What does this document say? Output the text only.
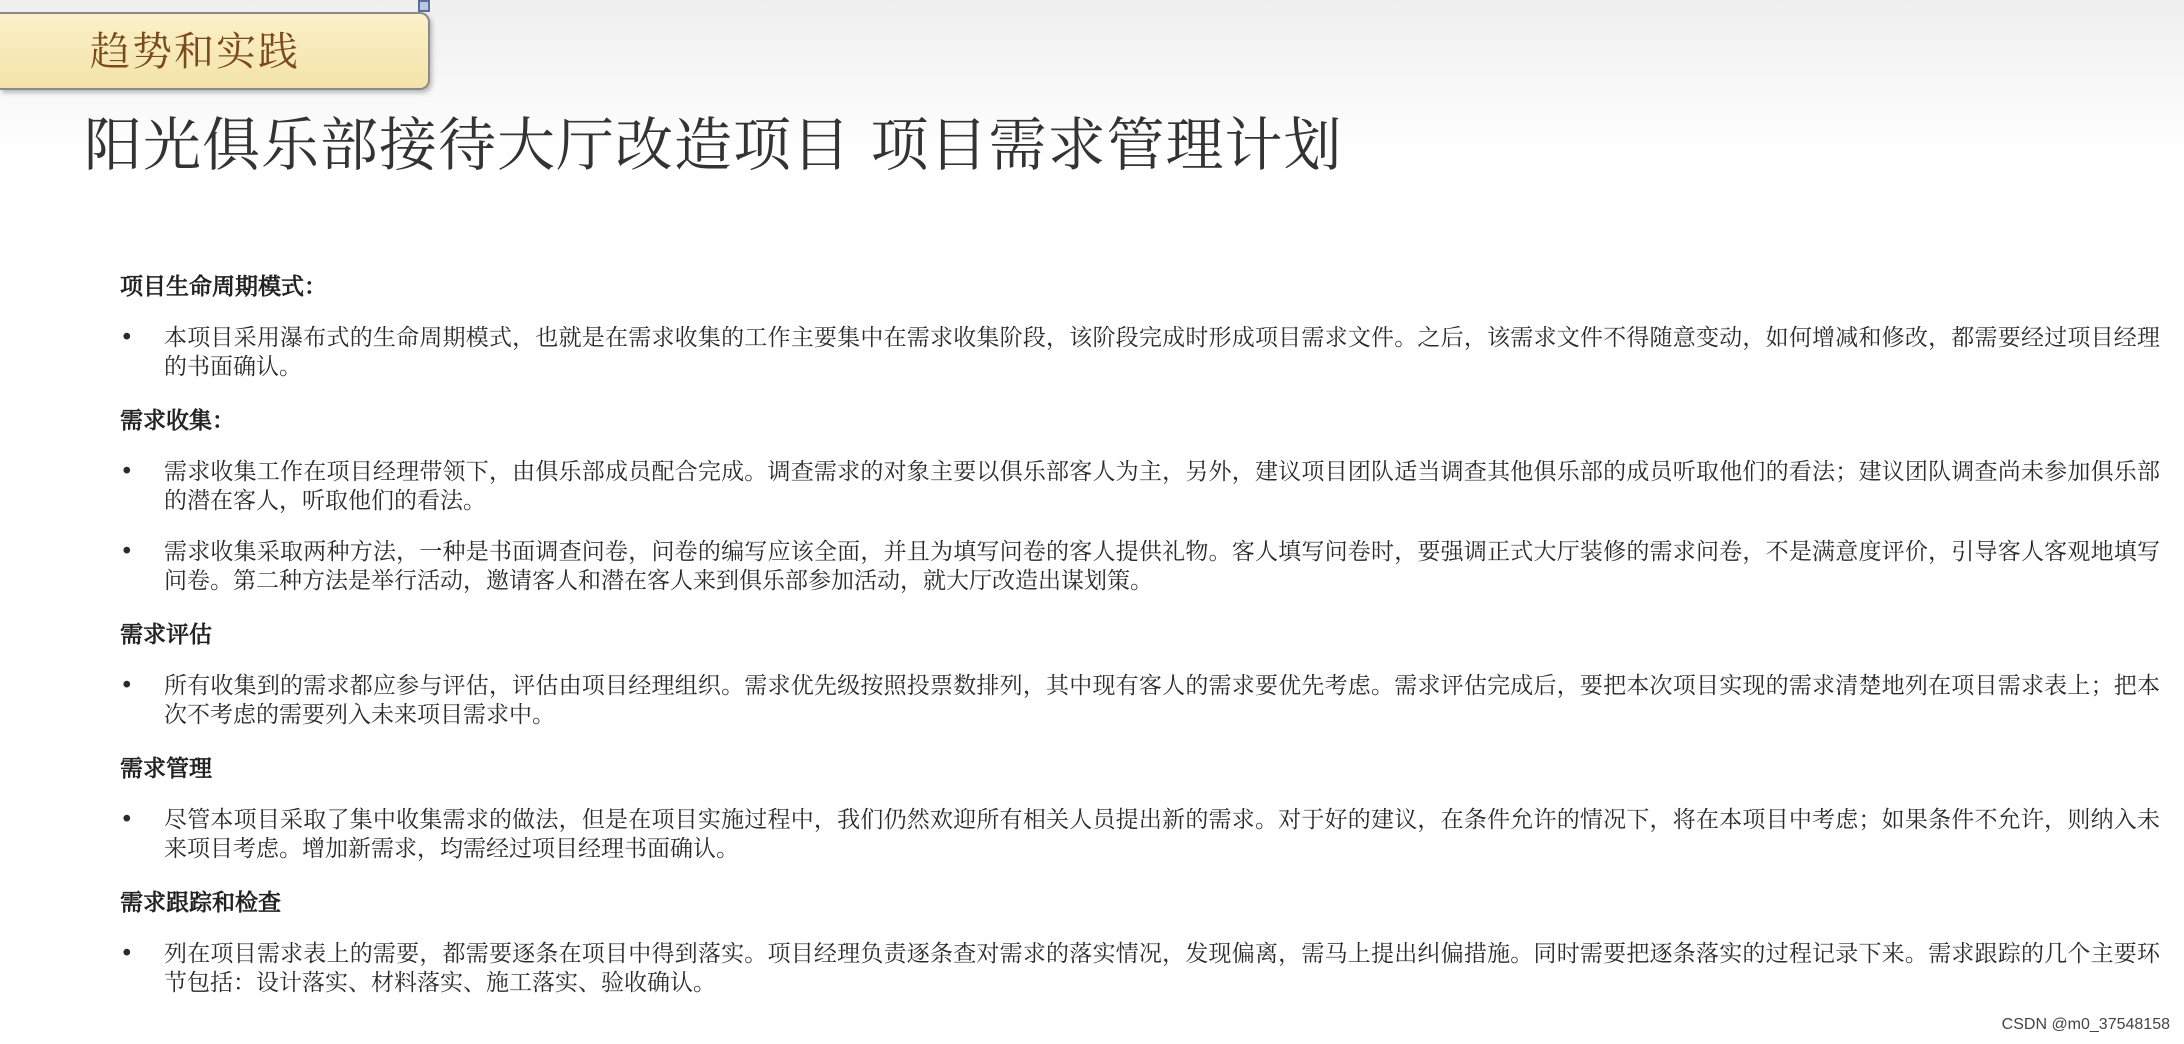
趋势和实践
阳光俱乐部接待大厅改造项目 项目需求管理计划
项目生命周期模式：
• 本项目采用瀑布式的生命周期模式，也就是在需求收集的工作主要集中在需求收集阶段，该阶段完成时形成项目需求文件。之后，该需求文件不得随意变动，如何增减和修改，都需要经过项目经理的书面确认。
需求收集：
• 需求收集工作在项目经理带领下，由俱乐部成员配合完成。调查需求的对象主要以俱乐部客人为主，另外，建议项目团队适当调查其他俱乐部的成员听取他们的看法；建议团队调查尚未参加俱乐部的潜在客人，听取他们的看法。
• 需求收集采取两种方法，一种是书面调查问卷，问卷的编写应该全面，并且为填写问卷的客人提供礼物。客人填写问卷时，要强调正式大厅装修的需求问卷，不是满意度评价，引导客人客观地填写问卷。第二种方法是举行活动，邀请客人和潜在客人来到俱乐部参加活动，就大厅改造出谋划策。
需求评估
• 所有收集到的需求都应参与评估，评估由项目经理组织。需求优先级按照投票数排列，其中现有客人的需求要优先考虑。需求评估完成后，要把本次项目实现的需求清楚地列在项目需求表上；把本次不考虑的需要列入未来项目需求中。
需求管理
• 尽管本项目采取了集中收集需求的做法，但是在项目实施过程中，我们仍然欢迎所有相关人员提出新的需求。对于好的建议，在条件允许的情况下，将在本项目中考虑；如果条件不允许，则纳入未来项目考虑。增加新需求，均需经过项目经理书面确认。
需求跟踪和检查
• 列在项目需求表上的需要，都需要逐条在项目中得到落实。项目经理负责逐条查对需求的落实情况，发现偏离，需马上提出纠偏措施。同时需要把逐条落实的过程记录下来。需求跟踪的几个主要环节包括：设计落实、材料落实、施工落实、验收确认。
CSDN @m0_37548158
